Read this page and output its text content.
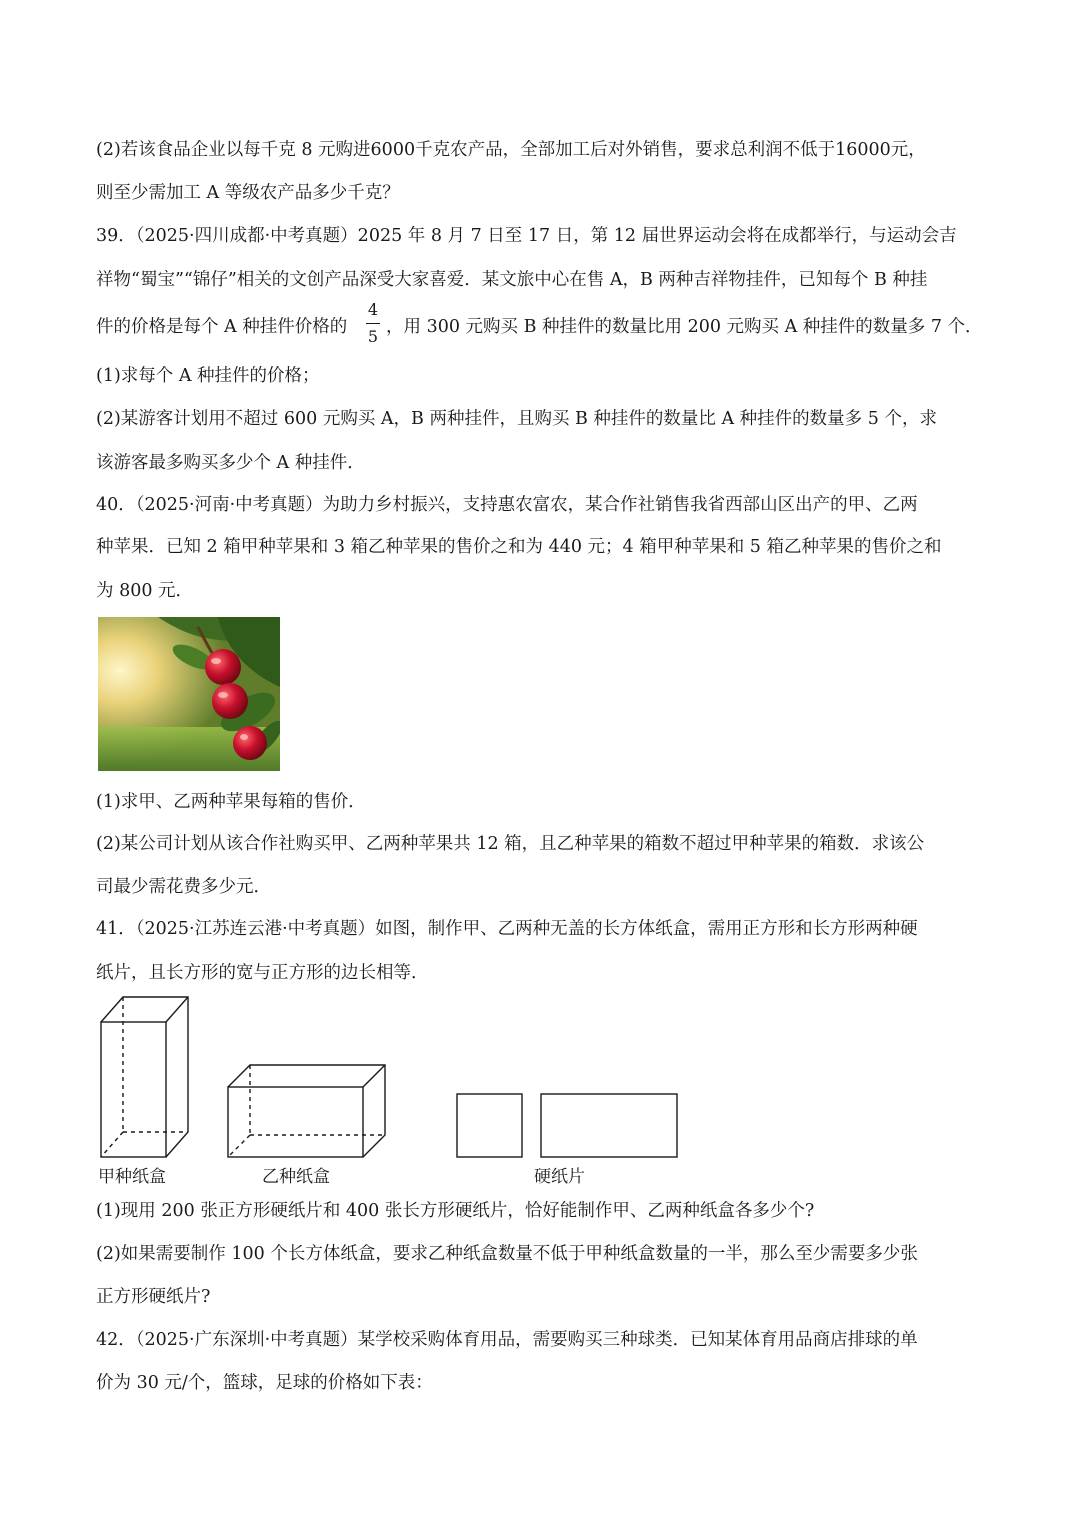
(2)若该食品企业以每千克 8 元购进6000千克农产品，全部加工后对外销售，要求总利润不低于16000元，
则至少需加工 A 等级农产品多少千克？
39．（2025·四川成都·中考真题）2025 年 8 月 7 日至 17 日，第 12 届世界运动会将在成都举行，与运动会吉
祥物“蜀宝”“锦仔”相关的文创产品深受大家喜爱．某文旅中心在售 A，B 两种吉祥物挂件，已知每个 B 种挂
件的价格是每个 A 种挂件价格的
4
5 ，用 300 元购买 B 种挂件的数量比用 200 元购买 A 种挂件的数量多 7 个．
(1)求每个 A 种挂件的价格；
(2)某游客计划用不超过 600 元购买 A，B 两种挂件，且购买 B 种挂件的数量比 A 种挂件的数量多 5 个，求
该游客最多购买多少个 A 种挂件．
40．（2025·河南·中考真题）为助力乡村振兴，支持惠农富农，某合作社销售我省西部山区出产的甲、乙两
种苹果．已知 2 箱甲种苹果和 3 箱乙种苹果的售价之和为 440 元；4 箱甲种苹果和 5 箱乙种苹果的售价之和
为 800 元．
(1)求甲、乙两种苹果每箱的售价．
(2)某公司计划从该合作社购买甲、乙两种苹果共 12 箱，且乙种苹果的箱数不超过甲种苹果的箱数．求该公
司最少需花费多少元．
41．（2025·江苏连云港·中考真题）如图，制作甲、乙两种无盖的长方体纸盒，需用正方形和长方形两种硬
纸片，且长方形的宽与正方形的边长相等．
甲种纸盒	乙种纸盒	硬纸片
(1)现用 200 张正方形硬纸片和 400 张长方形硬纸片，恰好能制作甲、乙两种纸盒各多少个?
(2)如果需要制作 100 个长方体纸盒，要求乙种纸盒数量不低于甲种纸盒数量的一半，那么至少需要多少张
正方形硬纸片?
42．（2025·广东深圳·中考真题）某学校采购体育用品，需要购买三种球类．已知某体育用品商店排球的单
价为 30 元/个，篮球，足球的价格如下表：
